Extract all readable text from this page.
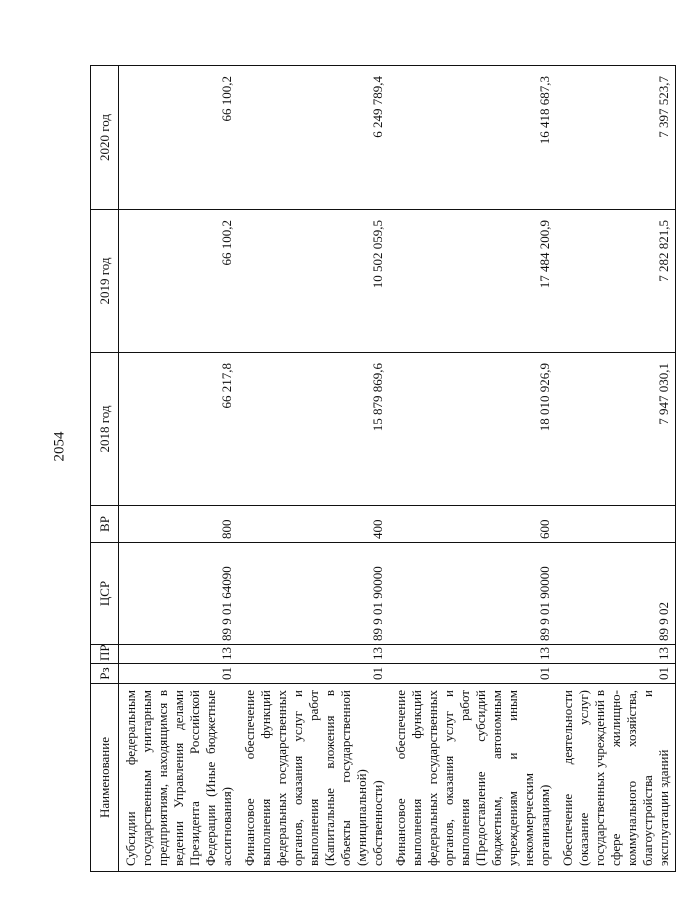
2054
Наименование	Рз	ПР	ЦСР	ВР	2018 год	2019 год	2020 год
Субсидии федеральным государственным унитарным предприятиям, находящимся в ведении Управления делами Президента Российской Федерации (Иные бюджетные ассигнования)	01	13	89 9 01 64090	800	66 217,8	66 100,2	66 100,2
Финансовое обеспечение выполнения функций федеральных государственных органов, оказания услуг и выполнения работ (Капитальные вложения в объекты государственной (муниципальной) собственности)	01	13	89 9 01 90000	400	15 879 869,6	10 502 059,5	6 249 789,4
Финансовое обеспечение выполнения функций федеральных государственных органов, оказания услуг и выполнения работ (Предоставление субсидий бюджетным, автономным учреждениям и иным некоммерческим организациям)	01	13	89 9 01 90000	600	18 010 926,9	17 484 200,9	16 418 687,3
Обеспечение деятельности (оказание услуг) государственных учреждений в сфере жилищно-коммунального хозяйства, благоустройства и эксплуатации зданий	01	13	89 9 02		7 947 030,1	7 282 821,5	7 397 523,7
